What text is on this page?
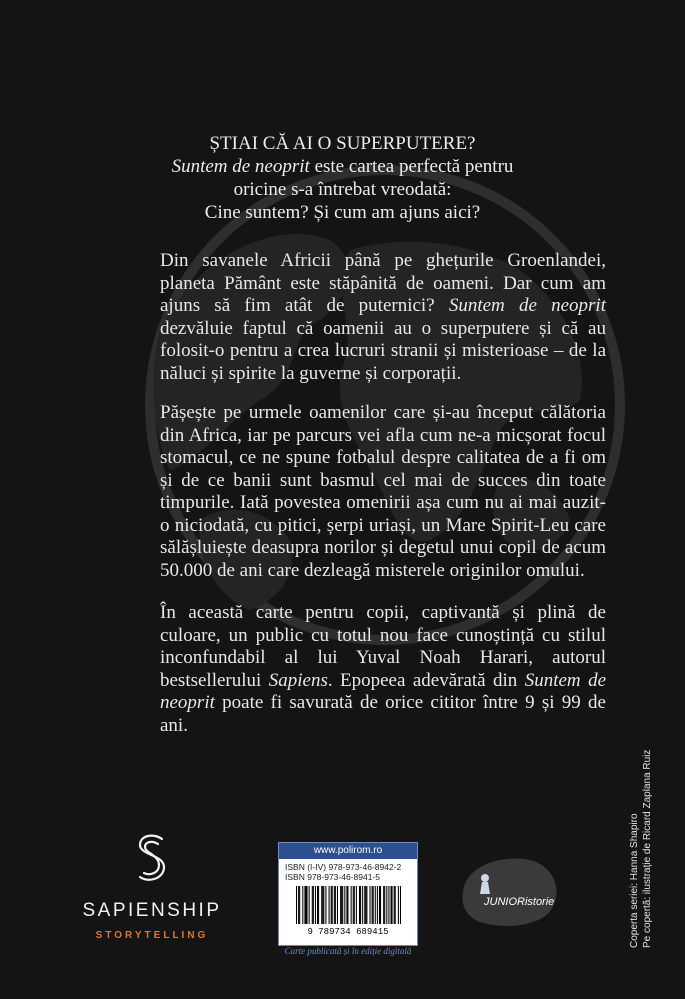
ȘTIAI CĂ AI O SUPERPUTERE?

Suntem de neoprit este cartea perfectă pentru

oricine s-a întrebat vreodată:

Cine suntem? Și cum am ajuns aici?

Din savanele Africii până pe ghețurile Groenlandei, planeta Pământ este stăpânită de oameni. Dar cum am ajuns să fim atât de puternici? Suntem de neoprit dezvăluie faptul că oamenii au o superputere și că au folosit-o pentru a crea lucruri stranii și misterioase – de la năluci și spirite la guverne și corporații.

Pășește pe urmele oamenilor care și-au început călătoria din Africa, iar pe parcurs vei afla cum ne-a micșorat focul stomacul, ce ne spune fotbalul despre calitatea de a fi om și de ce banii sunt basmul cel mai de succes din toate timpurile. Iată povestea omenirii așa cum nu ai mai auzit-o niciodată, cu pitici, șerpi uriași, un Mare Spirit-Leu care sălășluiește deasupra norilor și degetul unui copil de acum 50.000 de ani care dezleagă misterele originilor omului.

În această carte pentru copii, captivantă și plină de culoare, un public cu totul nou face cunoștință cu stilul inconfundabil al lui Yuval Noah Harari, autorul bestsellerului Sapiens. Epopeea adevărată din Suntem de neoprit poate fi savurată de orice cititor între 9 și 99 de ani.

SAPIENSHIP
STORYTELLING
www.polirom.ro
ISBN (I-IV) 978-973-46-8942-2
ISBN 978-973-46-8941-5
9 789734 689415
Carte publicată și în ediție digitală
JUNIORistorie	Coperta seriei: Hanna Shapiro Pe copertă: ilustrație de Ricard Zaplana Ruiz
